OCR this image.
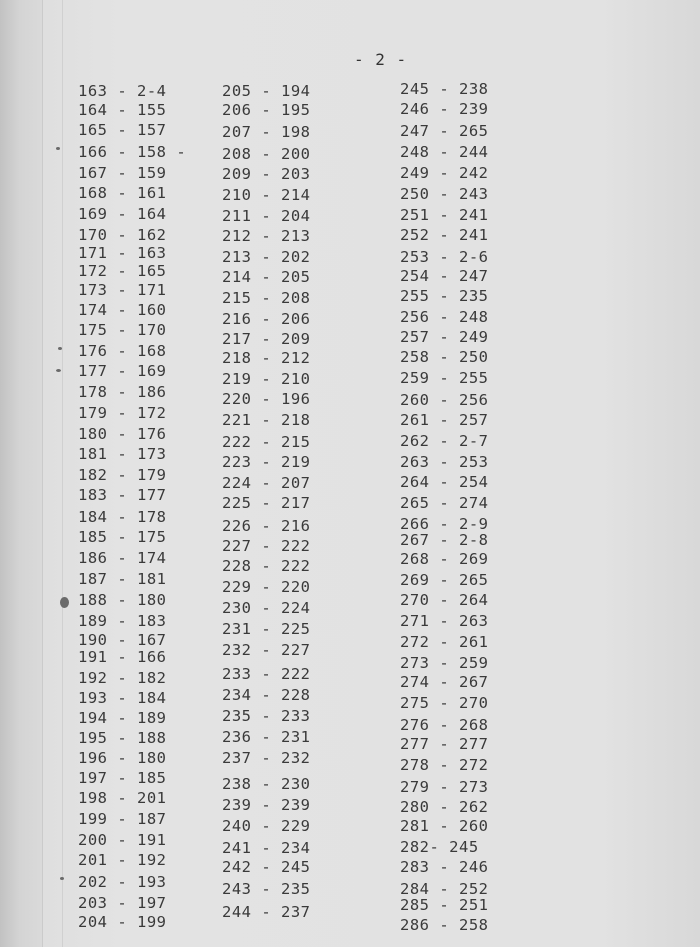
- 2 -
163 - 2-4
164 - 155
165 - 157
166 - 158 -
167 - 159
168 - 161
169 - 164
170 - 162
171 - 163
172 - 165
173 - 171
174 - 160
175 - 170
176 - 168
177 - 169
178 - 186
179 - 172
180 - 176
181 - 173
182 - 179
183 - 177
184 - 178
185 - 175
186 - 174
187 - 181
188 - 180
189 - 183
190 - 167
191 - 166
192 - 182
193 - 184
194 - 189
195 - 188
196 - 180
197 - 185
198 - 201
199 - 187
200 - 191
201 - 192
202 - 193
203 - 197
204 - 199
205 - 194
206 - 195
207 - 198
208 - 200
209 - 203
210 - 214
211 - 204
212 - 213
213 - 202
214 - 205
215 - 208
216 - 206
217 - 209
218 - 212
219 - 210
220 - 196
221 - 218
222 - 215
223 - 219
224 - 207
225 - 217
226 - 216
227 - 222
228 - 222
229 - 220
230 - 224
231 - 225
232 - 227
233 - 222
234 - 228
235 - 233
236 - 231
237 - 232
238 - 230
239 - 239
240 - 229
241 - 234
242 - 245
243 - 235
244 - 237
245 - 238
246 - 239
247 - 265
248 - 244
249 - 242
250 - 243
251 - 241
252 - 241
253 - 2-6
254 - 247
255 - 235
256 - 248
257 - 249
258 - 250
259 - 255
260 - 256
261 - 257
262 - 2-7
263 - 253
264 - 254
265 - 274
266 - 2-9
267 - 2-8
268 - 269
269 - 265
270 - 264
271 - 263
272 - 261
273 - 259
274 - 267
275 - 270
276 - 268
277 - 277
278 - 272
279 - 273
280 - 262
281 - 260
282- 245
283 - 246
284 - 252
285 - 251
286 - 258
